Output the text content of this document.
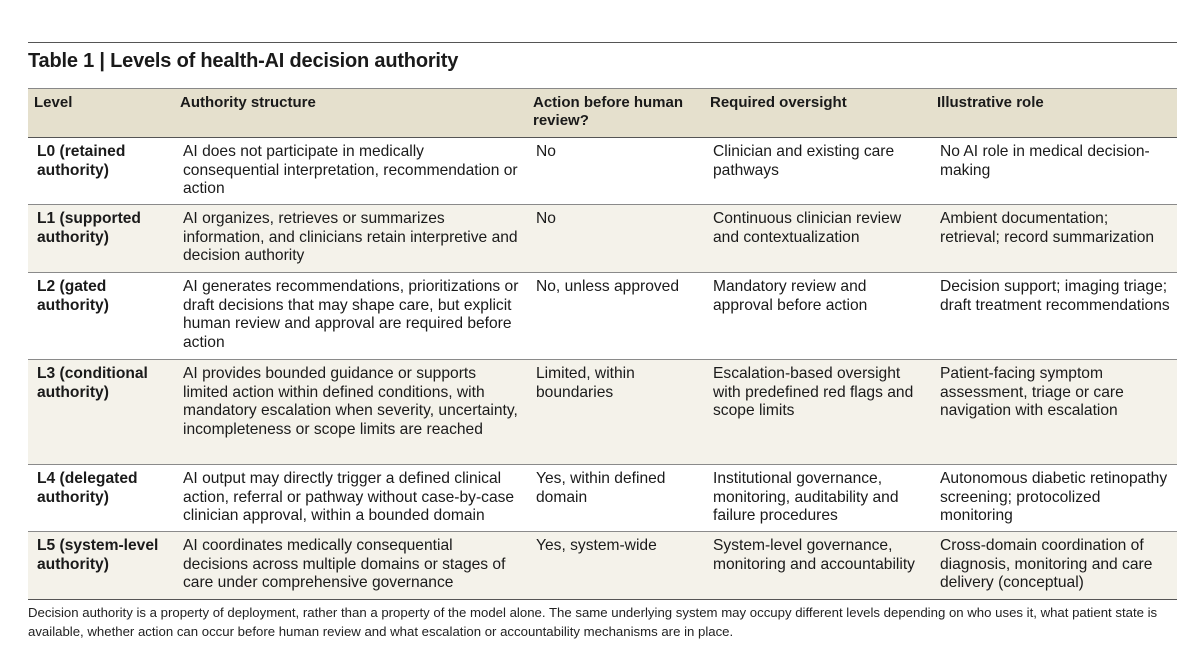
Table 1 | Levels of health-AI decision authority
Level	Authority structure	Action before human review?	Required oversight	Illustrative role
L0 (retained authority)	AI does not participate in medically consequential interpretation, recommendation or action	No	Clinician and existing care pathways	No AI role in medical decision-making
L1 (supported authority)	AI organizes, retrieves or summarizes information, and clinicians retain interpretive and decision authority	No	Continuous clinician review and contextualization	Ambient documentation; retrieval; record summarization
L2 (gated authority)	AI generates recommendations, prioritizations or draft decisions that may shape care, but explicit human review and approval are required before action	No, unless approved	Mandatory review and approval before action	Decision support; imaging triage; draft treatment recommendations
L3 (conditional authority)	AI provides bounded guidance or supports limited action within defined conditions, with mandatory escalation when severity, uncertainty, incompleteness or scope limits are reached	Limited, within boundaries	Escalation-based oversight with predefined red flags and scope limits	Patient-facing symptom assessment, triage or care navigation with escalation
L4 (delegated authority)	AI output may directly trigger a defined clinical action, referral or pathway without case-by-case clinician approval, within a bounded domain	Yes, within defined domain	Institutional governance, monitoring, auditability and failure procedures	Autonomous diabetic retinopathy screening; protocolized monitoring
L5 (system-level authority)	AI coordinates medically consequential decisions across multiple domains or stages of care under comprehensive governance	Yes, system-wide	System-level governance, monitoring and accountability	Cross-domain coordination of diagnosis, monitoring and care delivery (conceptual)
Decision authority is a property of deployment, rather than a property of the model alone. The same underlying system may occupy different levels depending on who uses it, what patient state is available, whether action can occur before human review and what escalation or accountability mechanisms are in place.
